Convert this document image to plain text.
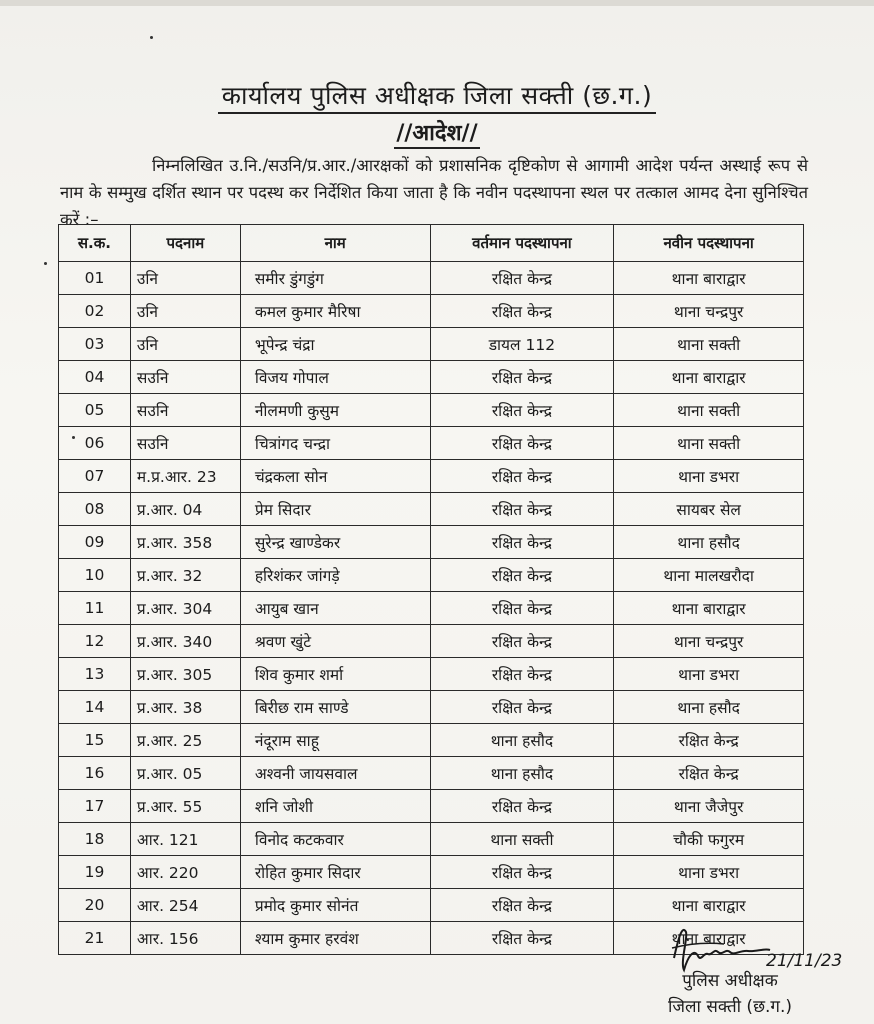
कार्यालय पुलिस अधीक्षक जिला सक्ती (छ.ग.)
//आदेश//

निम्नलिखित उ.नि./सउनि/प्र.आर./आरक्षकों को प्रशासनिक दृष्टिकोण से आगामी आदेश पर्यन्त अस्थाई रूप से नाम के सम्मुख दर्शित स्थान पर पदस्थ कर निर्देशित किया जाता है कि नवीन पदस्थापना स्थल पर तत्काल आमद देना सुनिश्चित करें :–

स.क.	पदनाम	नाम	वर्तमान पदस्थापना	नवीन पदस्थापना
01	उनि	समीर डुंगडुंग	रक्षित केन्द्र	थाना बाराद्वार
02	उनि	कमल कुमार मैरिषा	रक्षित केन्द्र	थाना चन्द्रपुर
03	उनि	भूपेन्द्र चंद्रा	डायल 112	थाना सक्ती
04	सउनि	विजय गोपाल	रक्षित केन्द्र	थाना बाराद्वार
05	सउनि	नीलमणी कुसुम	रक्षित केन्द्र	थाना सक्ती
06	सउनि	चित्रांगद चन्द्रा	रक्षित केन्द्र	थाना सक्ती
07	म.प्र.आर. 23	चंद्रकला सोन	रक्षित केन्द्र	थाना डभरा
08	प्र.आर. 04	प्रेम सिदार	रक्षित केन्द्र	सायबर सेल
09	प्र.आर. 358	सुरेन्द्र खाण्डेकर	रक्षित केन्द्र	थाना हसौद
10	प्र.आर. 32	हरिशंकर जांगड़े	रक्षित केन्द्र	थाना मालखरौदा
11	प्र.आर. 304	आयुब खान	रक्षित केन्द्र	थाना बाराद्वार
12	प्र.आर. 340	श्रवण खुंटे	रक्षित केन्द्र	थाना चन्द्रपुर
13	प्र.आर. 305	शिव कुमार शर्मा	रक्षित केन्द्र	थाना डभरा
14	प्र.आर. 38	बिरीछ राम साण्डे	रक्षित केन्द्र	थाना हसौद
15	प्र.आर. 25	नंदूराम साहू	थाना हसौद	रक्षित केन्द्र
16	प्र.आर. 05	अश्वनी जायसवाल	थाना हसौद	रक्षित केन्द्र
17	प्र.आर. 55	शनि जोशी	रक्षित केन्द्र	थाना जैजेपुर
18	आर. 121	विनोद कटकवार	थाना सक्ती	चौकी फगुरम
19	आर. 220	रोहित कुमार सिदार	रक्षित केन्द्र	थाना डभरा
20	आर. 254	प्रमोद कुमार सोनंत	रक्षित केन्द्र	थाना बाराद्वार
21	आर. 156	श्याम कुमार हरवंश	रक्षित केन्द्र	थाना बाराद्वार
21/11/23
पुलिस अधीक्षक
जिला सक्ती (छ.ग.)
